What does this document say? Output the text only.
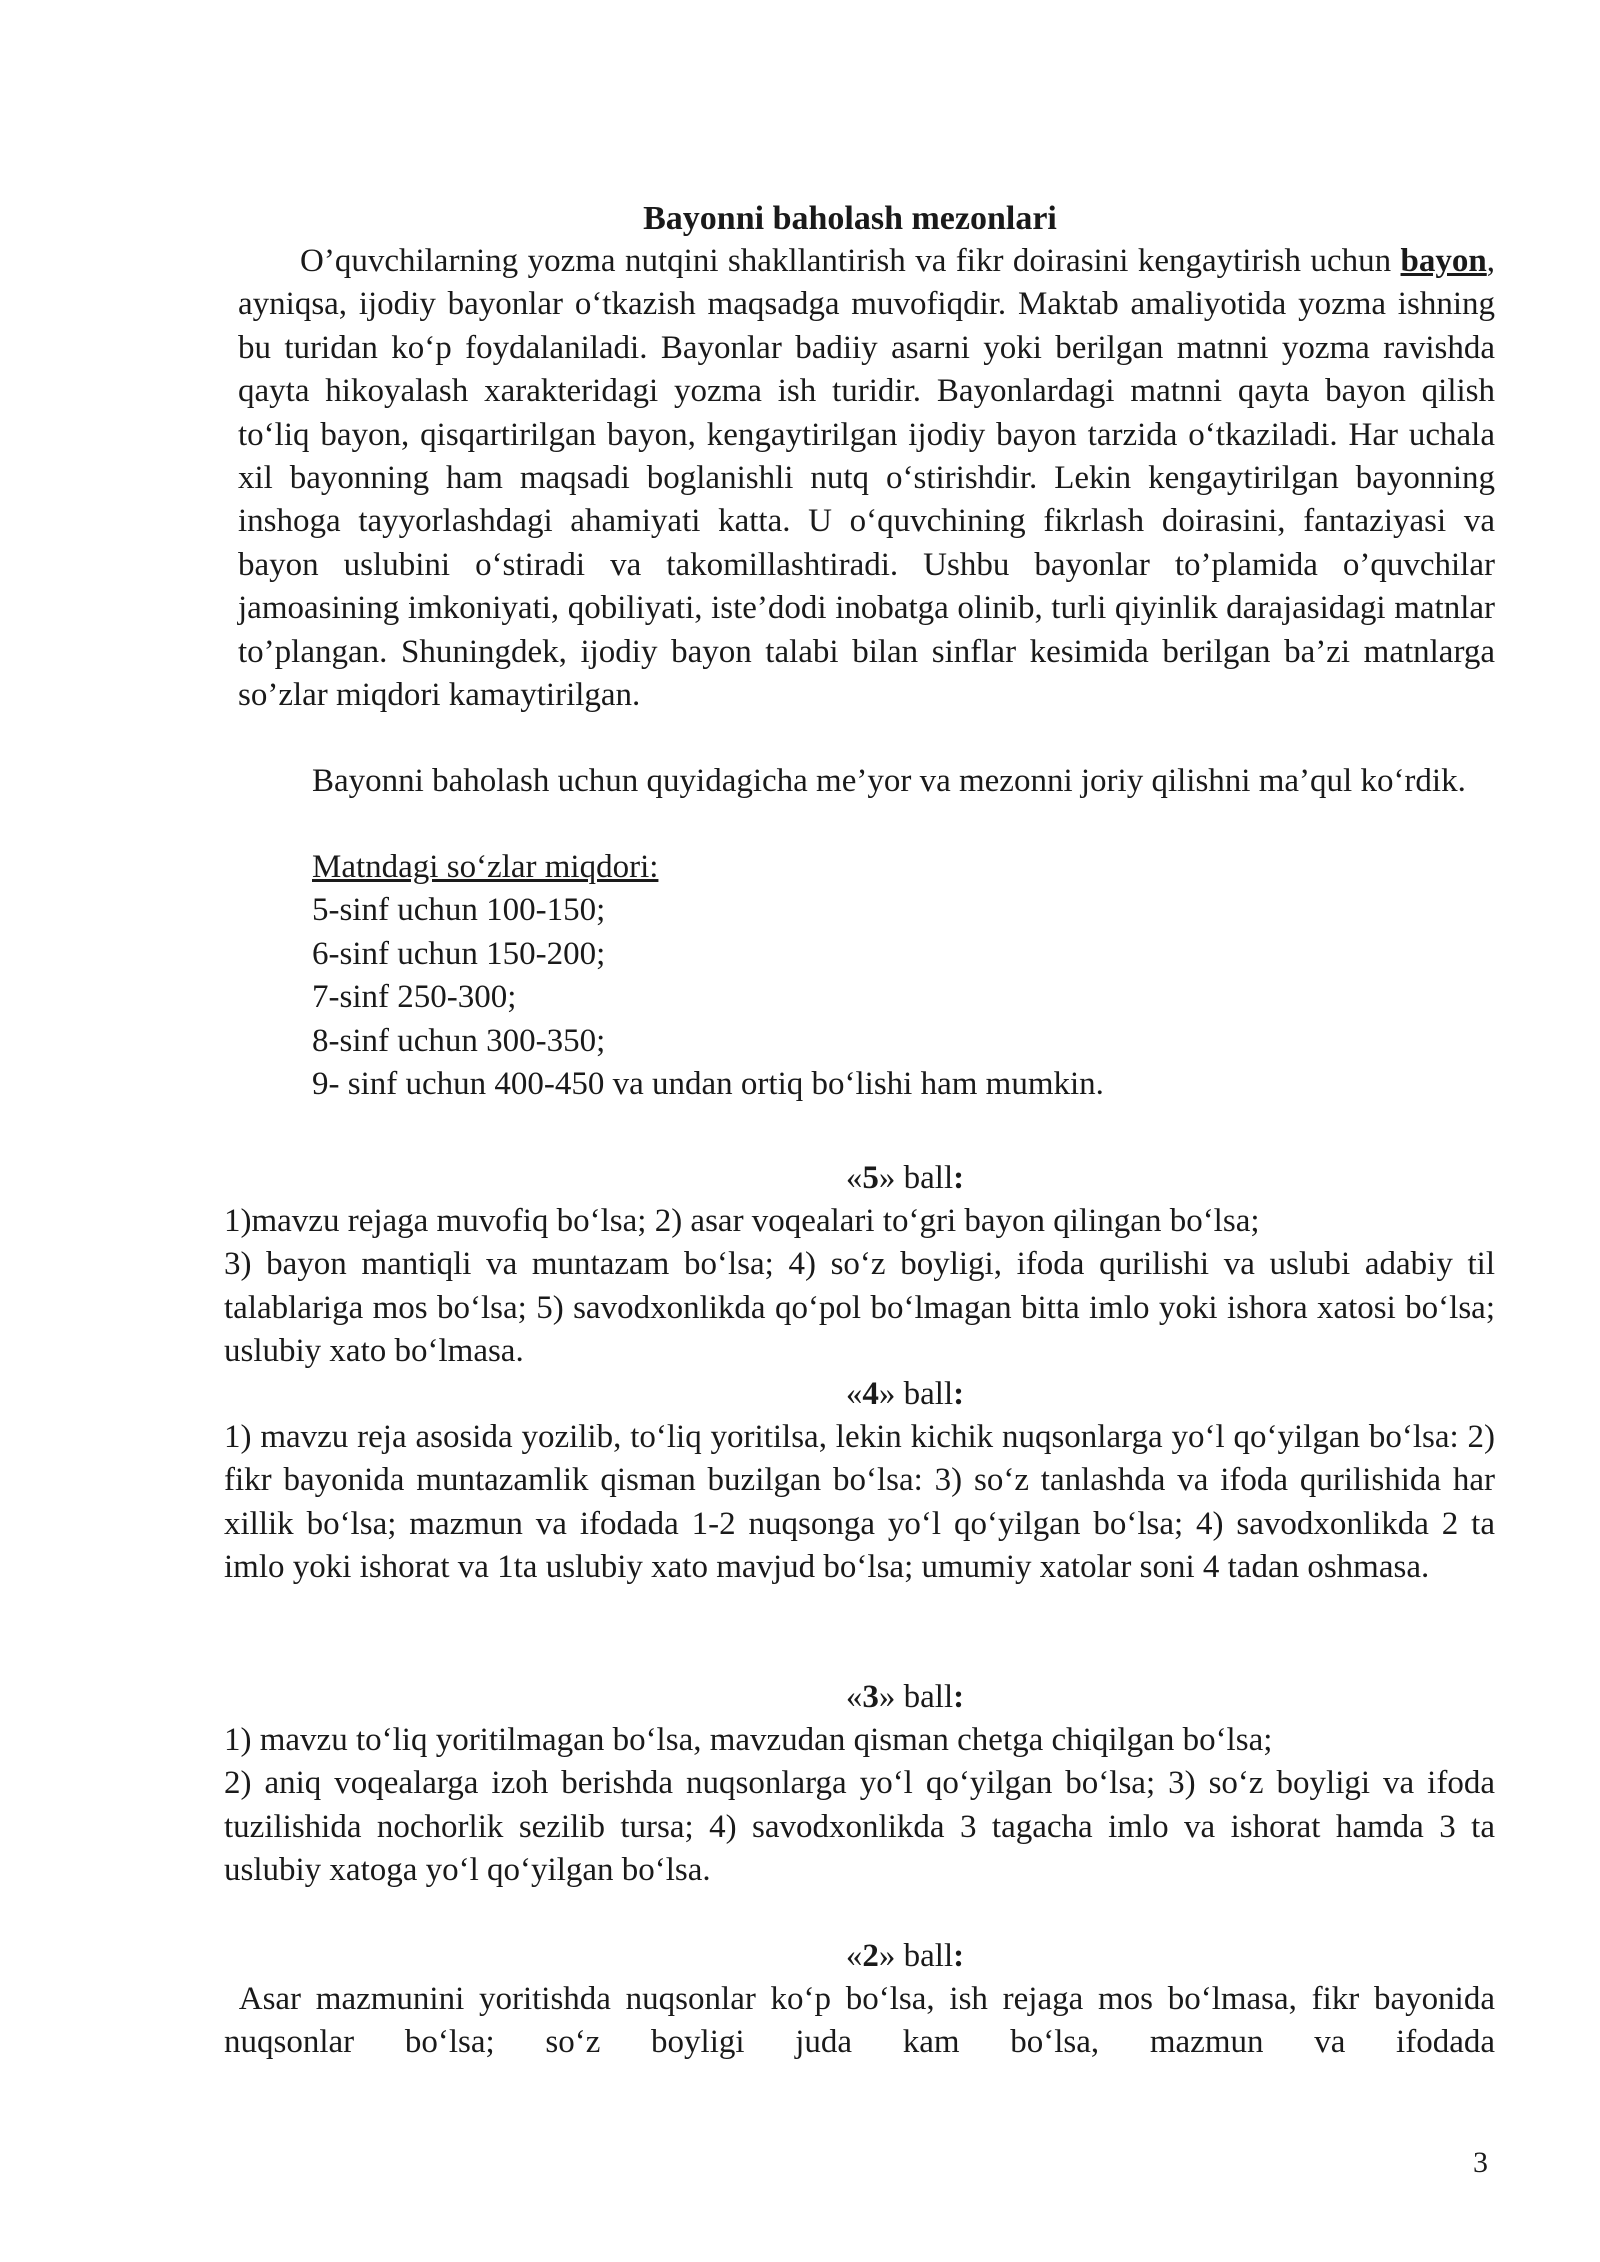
Bayonni baholash mezonlari

O’quvchilarning yozma nutqini shakllantirish va fikr doirasini kengaytirish uchun bayon, ayniqsa, ijodiy bayonlar o‘tkazish maqsadga muvofiqdir. Maktab amaliyotida yozma ishning bu turidan ko‘p foydalaniladi. Bayonlar badiiy asarni yoki berilgan matnni yozma ravishda qayta hikoyalash xarakteridagi yozma ish turidir. Bayonlardagi matnni qayta bayon qilish to‘liq bayon, qisqartirilgan bayon, kengaytirilgan ijodiy bayon tarzida o‘tkaziladi. Har uchala xil bayonning ham maqsadi boglanishli nutq o‘stirishdir. Lekin kengaytirilgan bayonning inshoga tayyorlashdagi ahamiyati katta. U o‘quvchining fikrlash doirasini, fantaziyasi va bayon uslubini o‘stiradi va takomillashtiradi. Ushbu bayonlar to’plamida o’quvchilar jamoasining imkoniyati, qobiliyati, iste’dodi inobatga olinib, turli qiyinlik darajasidagi matnlar to’plangan. Shuningdek, ijodiy bayon talabi bilan sinflar kesimida berilgan ba’zi matnlarga so’zlar miqdori kamaytirilgan.

Bayonni baholash uchun quyidagicha me’yor va mezonni joriy qilishni ma’qul ko‘rdik.

Matndagi so‘zlar miqdori:
5-sinf uchun 100-150;
6-sinf uchun 150-200;
7-sinf 250-300;
8-sinf uchun 300-350;
9- sinf uchun 400-450 va undan ortiq bo‘lishi ham mumkin.
«5» ball:

1)mavzu rejaga muvofiq bo‘lsa; 2) asar voqealari to‘gri bayon qilingan bo‘lsa;

3) bayon mantiqli va muntazam bo‘lsa; 4) so‘z boyligi, ifoda qurilishi va uslubi adabiy til talablariga mos bo‘lsa; 5) savodxonlikda qo‘pol bo‘lmagan bitta imlo yoki ishora xatosi bo‘lsa; uslubiy xato bo‘lmasa.

«4» ball:

1) mavzu reja asosida yozilib, to‘liq yoritilsa, lekin kichik nuqsonlarga yo‘l qo‘yilgan bo‘lsa: 2) fikr bayonida muntazamlik qisman buzilgan bo‘lsa: 3) so‘z tanlashda va ifoda qurilishida har xillik bo‘lsa; mazmun va ifodada 1-2 nuqsonga yo‘l qo‘yilgan bo‘lsa; 4) savodxonlikda 2 ta imlo yoki ishorat va 1ta uslubiy xato mavjud bo‘lsa; umumiy xatolar soni 4 tadan oshmasa.

«3» ball:

1) mavzu to‘liq yoritilmagan bo‘lsa, mavzudan qisman chetga chiqilgan bo‘lsa;

2) aniq voqealarga izoh berishda nuqsonlarga yo‘l qo‘yilgan bo‘lsa; 3) so‘z boyligi va ifoda tuzilishida nochorlik sezilib tursa; 4) savodxonlikda 3 tagacha imlo va ishorat hamda 3 ta uslubiy xatoga yo‘l qo‘yilgan bo‘lsa.

«2» ball:

Asar mazmunini yoritishda nuqsonlar ko‘p bo‘lsa, ish rejaga mos bo‘lmasa, fikr bayonida nuqsonlar bo‘lsa; so‘z boyligi juda kam bo‘lsa, mazmun va ifodada

3
